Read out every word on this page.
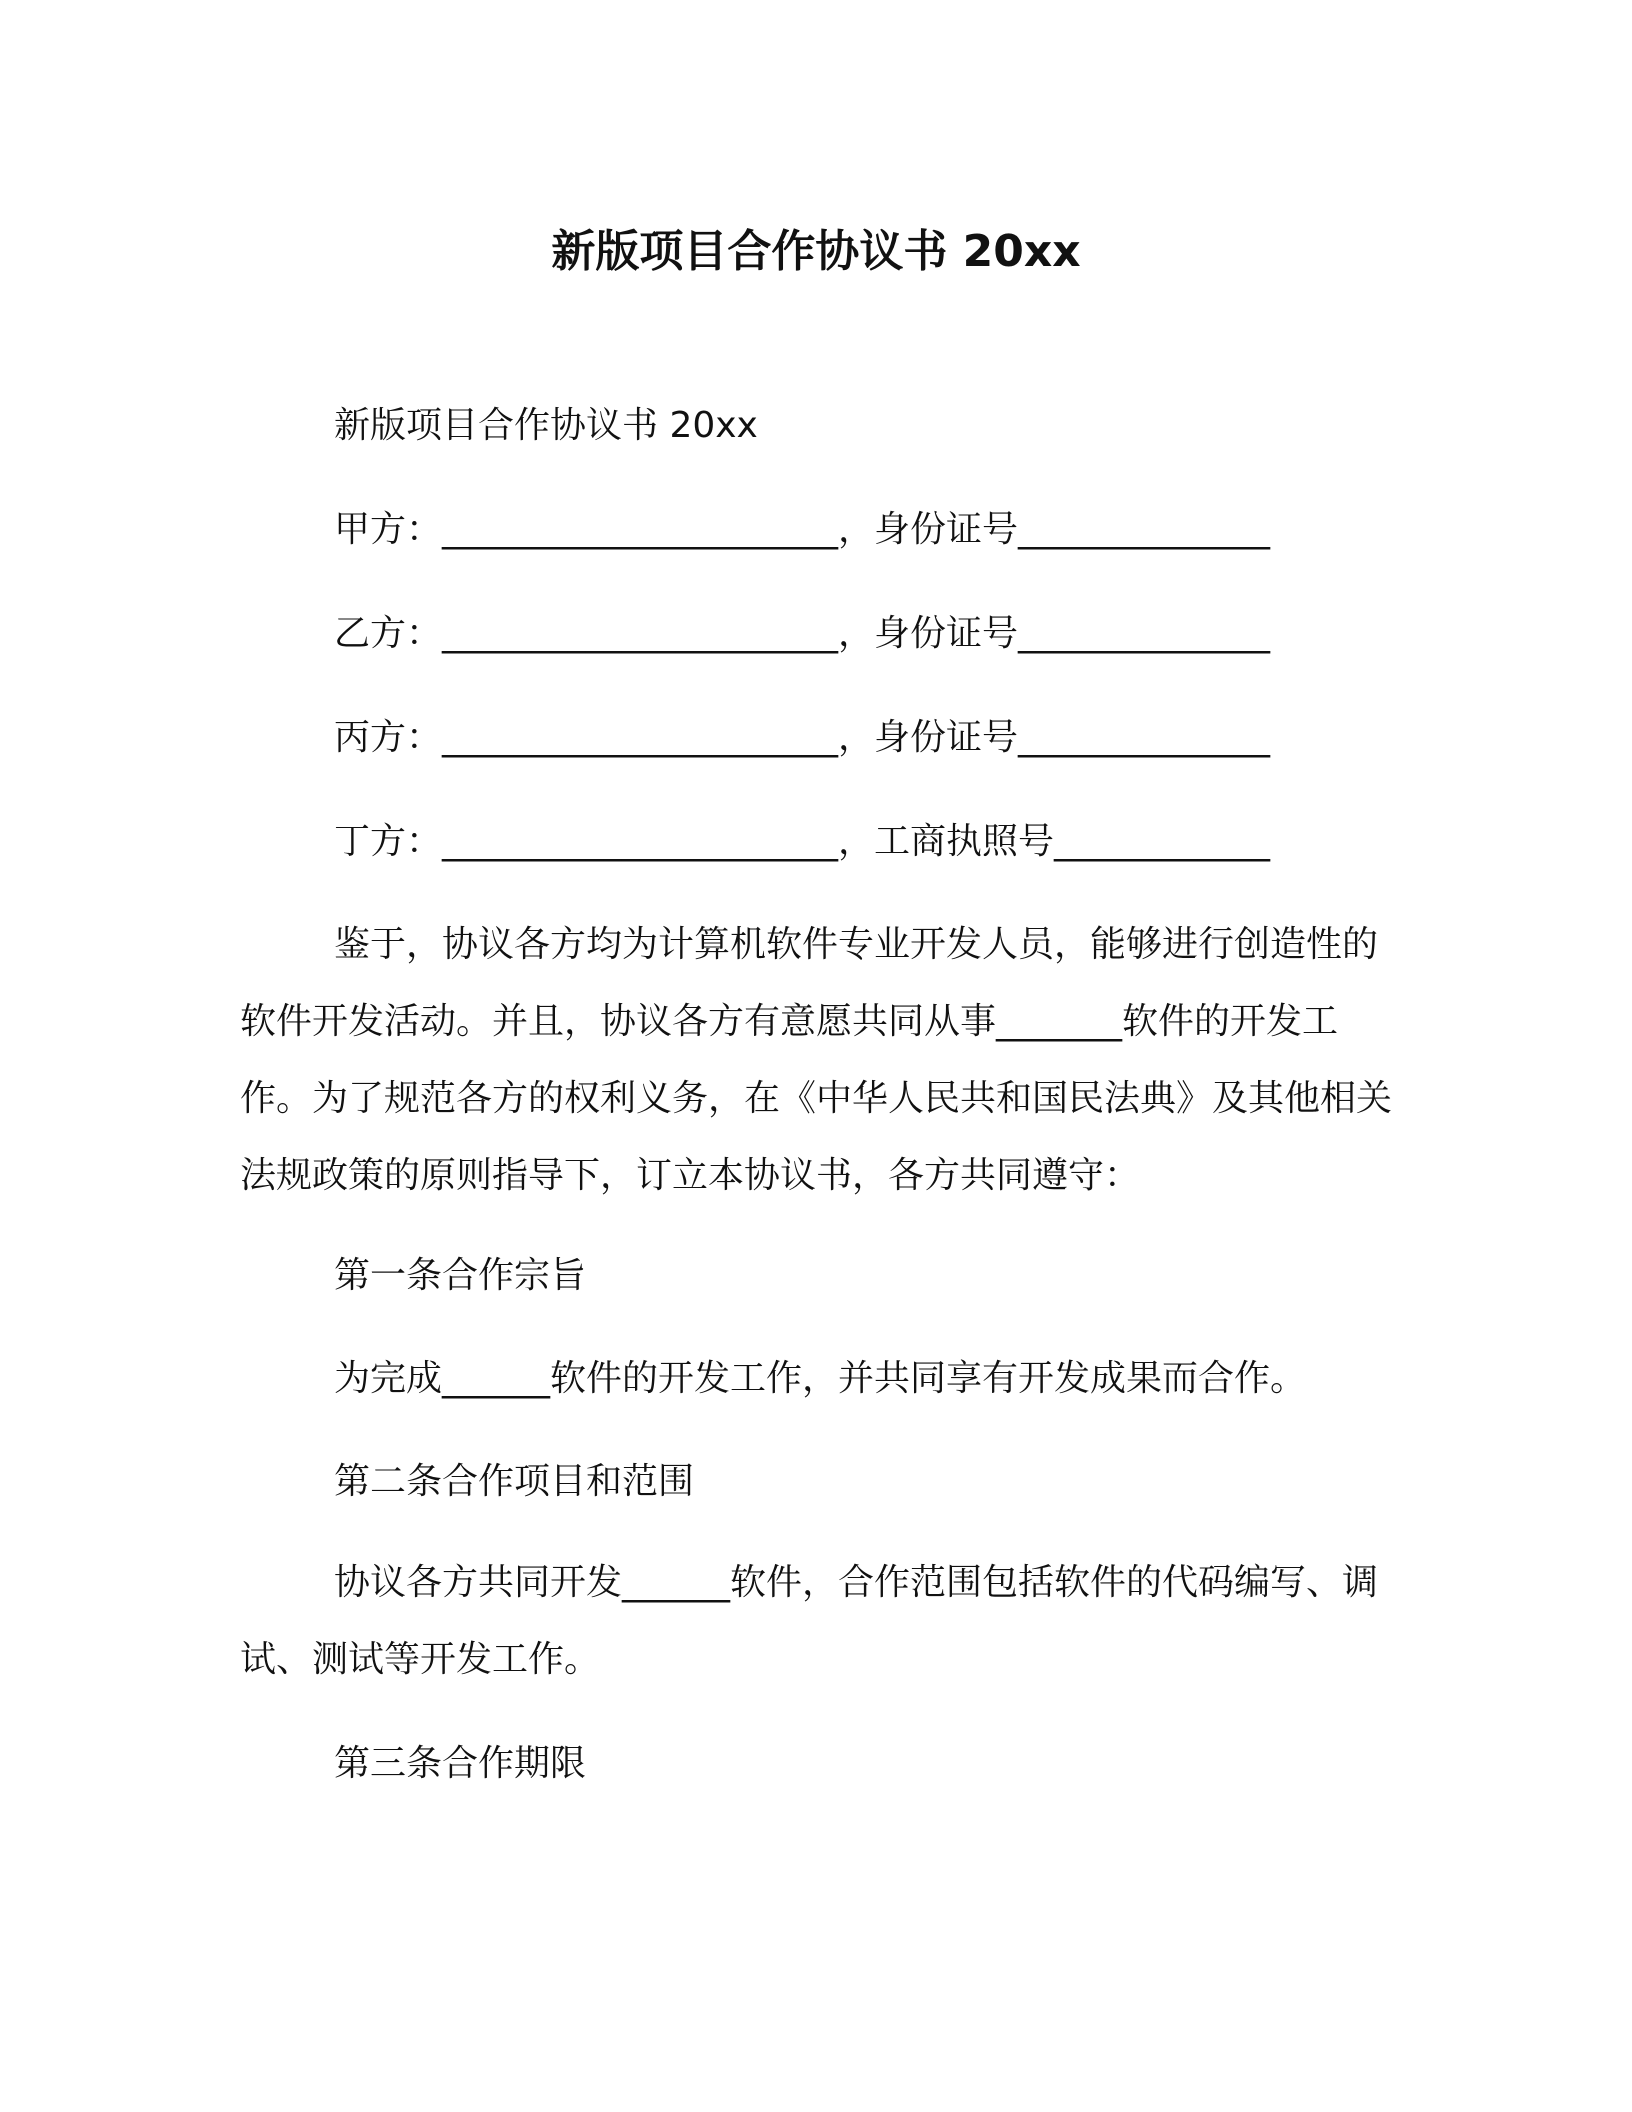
新版项目合作协议书 20xx
新版项目合作协议书 20xx
甲方：______________________，身份证号______________
乙方：______________________，身份证号______________
丙方：______________________，身份证号______________
丁方：______________________，工商执照号____________
鉴于，协议各方均为计算机软件专业开发人员，能够进行创造性的软件开发活动。并且，协议各方有意愿共同从事_______软件的开发工作。为了规范各方的权利义务，在《中华人民共和国民法典》及其他相关法规政策的原则指导下，订立本协议书，各方共同遵守：
第一条合作宗旨
为完成______软件的开发工作，并共同享有开发成果而合作。
第二条合作项目和范围
协议各方共同开发______软件，合作范围包括软件的代码编写、调试、测试等开发工作。
第三条合作期限
